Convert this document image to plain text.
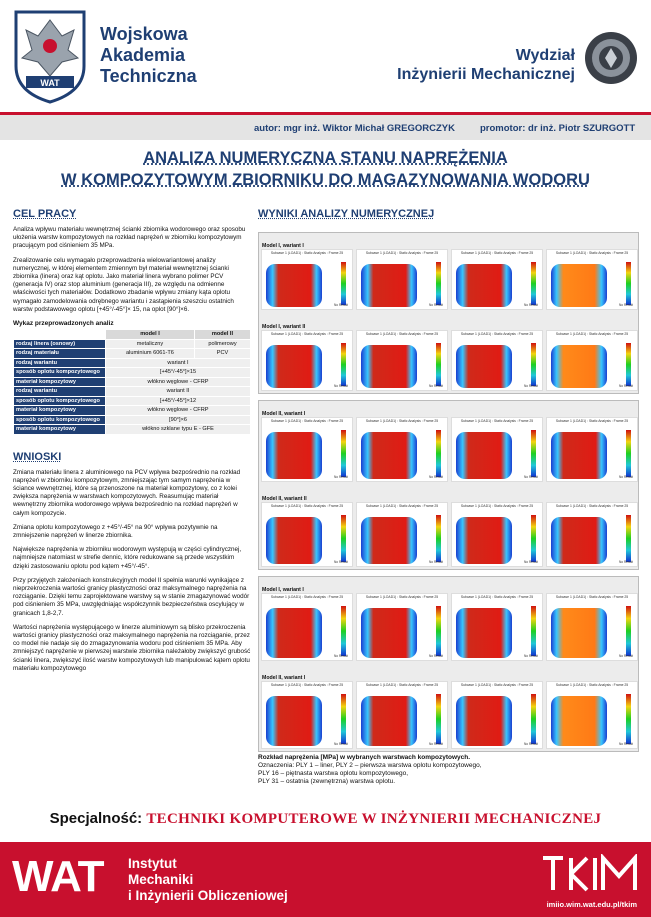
WAT
Wojskowa
Akademia
Techniczna
Wydział
Inżynierii Mechanicznej
autor: mgr inż. Wiktor Michał GREGORCZYK	promotor: dr inż. Piotr SZURGOTT
ANALIZA NUMERYCZNA STANU NAPRĘŻENIA
W KOMPOZYTOWYM ZBIORNIKU DO MAGAZYNOWANIA WODORU
CEL PRACY
Analiza wpływu materiału wewnętrznej ścianki zbiornika wodorowego oraz sposobu ułożenia warstw kompozytowych na rozkład naprężeń w zbiorniku kompozytowym pracującym pod ciśnieniem 35 MPa.
Zrealizowanie celu wymagało przeprowadzenia wielowariantowej analizy numerycznej, w której elementem zmiennym był materiał wewnętrznej ścianki zbiornika (linera) oraz kąt oplotu. Jako materiał linera wybrano polimer PCV (generacja IV) oraz stop aluminium (generacja III), ze względu na odmienne właściwości tych materiałów. Dodatkowo zbadanie wpływu zmiany kąta oplotu wymagało zamodelowania odrębnego wariantu i zastąpienia szeszciu ostatnich warstw podstawowego oplotu [+45°/-45°]× 15, na oplot [90°]×6.
Wykaz przeprowadzonych analiz
	model I	model II
rodzaj linera (osnowy)	metaliczny	polimerowy
rodzaj materiału	aluminium 6061-T6	PCV
rodzaj wariantu	wariant I	
sposób oplotu kompozytowego	[+45°/-45°]×15	
materiał kompozytowy	włókno węglowe - CFRP	
rodzaj wariantu	wariant II	
sposób oplotu kompozytowego	[+45°/-45°]×12	
materiał kompozytowy	włókno węglowe - CFRP	
sposób oplotu kompozytowego	[90°]×6	
materiał kompozytowy	włókno szklane typu E - GFE	
WNIOSKI
Zmiana materiału linera z aluminiowego na PCV wpływa bezpośrednio na rozkład naprężeń w zbiorniku kompozytowym, zmniejszając tym samym naprężenia w ściance wewnętrznej, które są przenoszone na materiał kompozytowy, co z kolei zwiększa naprężenia w warstwach kompozytowych. Reasumując materiał wewnętrzny zbiornika wodorowego wpływa bezpośrednio na rozkład naprężeń w całym kompozycie.
Zmiana oplotu kompozytowego z +45°/-45° na 90° wpływa pozytywnie na zmniejszenie naprężeń w linerze zbiornika.
Największe naprężenia w zbiorniku wodorowym występują w części cylindrycznej, najmniejsze natomiast w strefie dennic, które redukowane są przede wszystkim dzięki zastosowaniu oplotu pod kątem +45°/-45°.
Przy przyjętych założeniach konstrukcyjnych model II spełnia warunki wynikające z nieprzekroczenia wartości granicy plastyczności oraz maksymalnego naprężenia na rozciąganie. Dzięki temu zaprojektowane warstwy są w stanie zmagazynować wodór pod ciśnieniem 35 MPa, uwzględniając współczynnik bezpieczeństwa oscylujący w granicach 1,8-2,7.
Wartości naprężenia występującego w linerze aluminiowym są blisko przekroczenia wartości granicy plastyczności oraz maksymalnego naprężenia na rozciąganie, przez co model nie nadaje się do zmagazynowania wodoru pod ciśnieniem 35 MPa. Aby zmniejszyć naprężenie w pierwszej warstwie zbiornika należałoby zwiększyć grubość ścianki linera, zwiększyć ilość warstw kompozytowych lub manipulować kątem oplotu materiału kompozytowego
WYNIKI ANALIZY NUMERYCZNEJ
Model I, wariant I
Subcase 1 (LOAD1) : Static Analysis : Frame 25
No Result
Subcase 1 (LOAD1) : Static Analysis : Frame 25
No Result
Subcase 1 (LOAD1) : Static Analysis : Frame 25
No Result
Subcase 1 (LOAD1) : Static Analysis : Frame 25
No Result
Model I, wariant II
Subcase 1 (LOAD1) : Static Analysis : Frame 25
No Result
Subcase 1 (LOAD1) : Static Analysis : Frame 25
No Result
Subcase 1 (LOAD1) : Static Analysis : Frame 25
No Result
Subcase 1 (LOAD1) : Static Analysis : Frame 25
No Result
Model II, wariant I
Subcase 1 (LOAD1) : Static Analysis : Frame 25
No Result
Subcase 1 (LOAD1) : Static Analysis : Frame 25
No Result
Subcase 1 (LOAD1) : Static Analysis : Frame 25
No Result
Subcase 1 (LOAD1) : Static Analysis : Frame 25
No Result
Model II, wariant II
Subcase 1 (LOAD1) : Static Analysis : Frame 25
No Result
Subcase 1 (LOAD1) : Static Analysis : Frame 25
No Result
Subcase 1 (LOAD1) : Static Analysis : Frame 25
No Result
Subcase 1 (LOAD1) : Static Analysis : Frame 25
No Result
Model I, wariant I
Subcase 1 (LOAD1) : Static Analysis : Frame 25
No Result
Subcase 1 (LOAD1) : Static Analysis : Frame 25
No Result
Subcase 1 (LOAD1) : Static Analysis : Frame 25
No Result
Subcase 1 (LOAD1) : Static Analysis : Frame 25
No Result
Model II, wariant I
Subcase 1 (LOAD1) : Static Analysis : Frame 25
No Result
Subcase 1 (LOAD1) : Static Analysis : Frame 25
No Result
Subcase 1 (LOAD1) : Static Analysis : Frame 25
No Result
Subcase 1 (LOAD1) : Static Analysis : Frame 25
No Result
Rozkład naprężenia [MPa] w wybranych warstwach kompozytowych.
Oznaczenia: PLY 1 – liner, PLY 2 – pierwsza warstwa oplotu kompozytowego,
PLY 16 – piętnasta warstwa oplotu kompozytowego,
PLY 31 – ostatnia (zewnętrzna) warstwa oplotu.
Specjalność: TECHNIKI KOMPUTEROWE W INŻYNIERII MECHANICZNEJ
WAT Instytut
Mechaniki
i Inżynierii Obliczeniowej
imiio.wim.wat.edu.pl/tkim
